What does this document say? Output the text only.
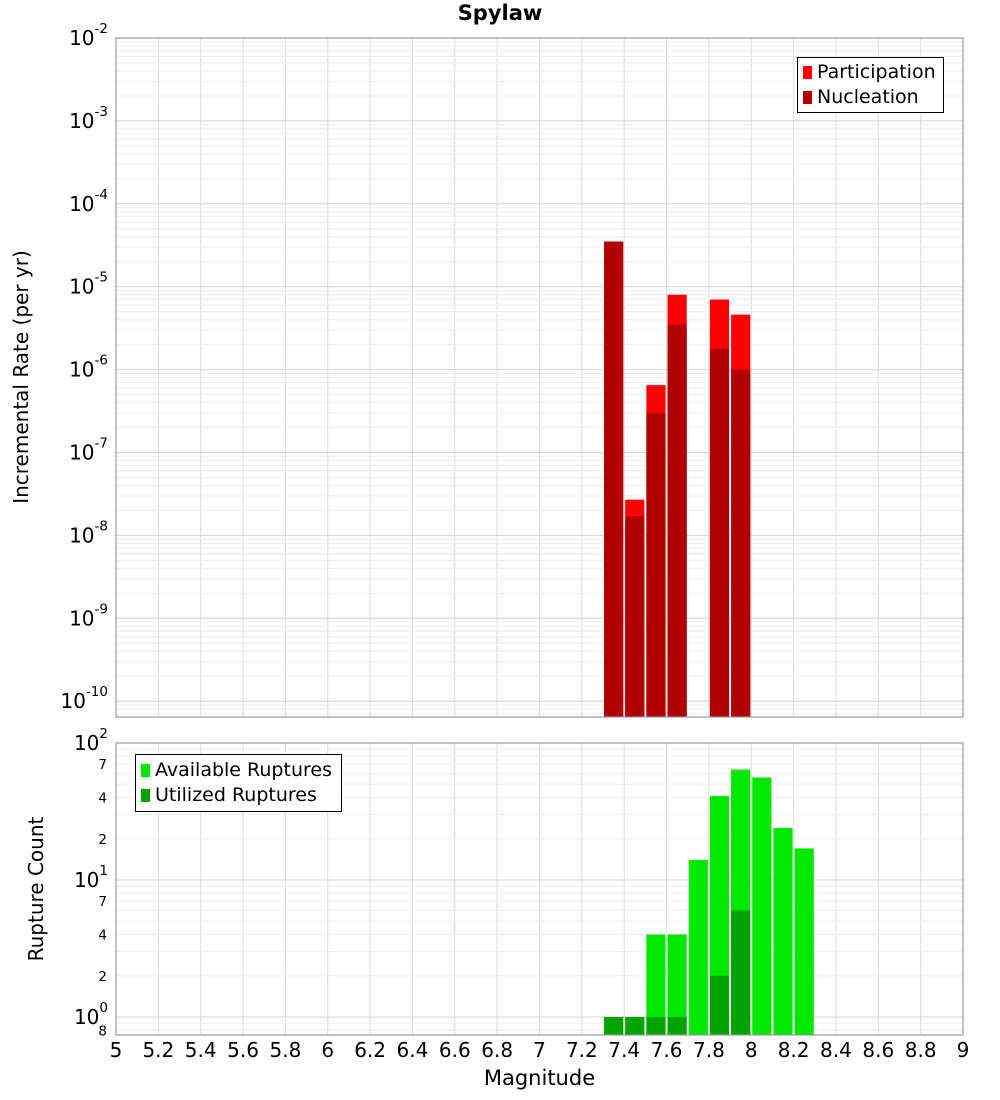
$10^{-2}$
$10^{-3}$
$10^{-4}$
$10^{-5}$
$10^{-6}$
$10^{-7}$
$10^{-8}$
$10^{-9}$
$10^{-10}$
$10^2$
$10^1$
$10^0$
7
4
2
7
4
2
8
5 5.2 5.4 5.6 5.8 6 6.2 6.4 6.6 6.8 7 7.2 7.4 7.6 7.8 8 8.2 8.4 8.6 8.8 9
Spylaw
Incremental Rate (per yr)
Rupture Count
Magnitude
Participation
Nucleation
Available Ruptures
Utilized Ruptures
